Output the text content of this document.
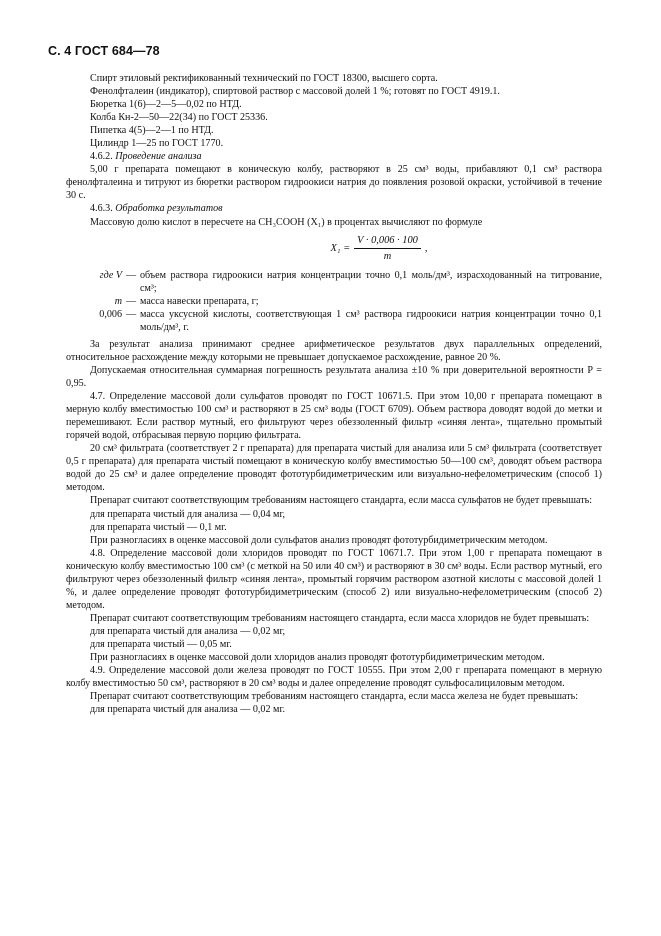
С. 4 ГОСТ 684—78

Спирт этиловый ректификованный технический по ГОСТ 18300, высшего сорта.

Фенолфталеин (индикатор), спиртовой раствор с массовой долей 1 %; готовят по ГОСТ 4919.1.

Бюретка 1(6)—2—5—0,02 по НТД.

Колба Кн-2—50—22(34) по ГОСТ 25336.

Пипетка 4(5)—2—1 по НТД.

Цилиндр 1—25 по ГОСТ 1770.

4.6.2. Проведение анализа

5,00 г препарата помещают в коническую колбу, растворяют в 25 см³ воды, прибавляют 0,1 см³ раствора фенолфталеина и титруют из бюретки раствором гидроокиси натрия до появления розовой окраски, устойчивой в течение 30 с.

4.6.3. Обработка результатов

Массовую долю кислот в пересчете на CH₃COOH (X₁) в процентах вычисляют по формуле

$X_1 = \frac{V \cdot 0,006 \cdot 100}{m}$ ,
где V — объем раствора гидроокиси натрия концентрации точно 0,1 моль/дм³, израсходованный на титрование, см³;
m — масса навески препарата, г;
0,006 — масса уксусной кислоты, соответствующая 1 см³ раствора гидроокиси натрия концентрации точно 0,1 моль/дм³, г.

За результат анализа принимают среднее арифметическое результатов двух параллельных определений, относительное расхождение между которыми не превышает допускаемое расхождение, равное 20 %.

Допускаемая относительная суммарная погрешность результата анализа ±10 % при доверительной вероятности P = 0,95.

4.7. Определение массовой доли сульфатов проводят по ГОСТ 10671.5. При этом 10,00 г препарата помещают в мерную колбу вместимостью 100 см³ и растворяют в 25 см³ воды (ГОСТ 6709). Объем раствора доводят водой до метки и перемешивают. Если раствор мутный, его фильтруют через обеззоленный фильтр «синяя лента», тщательно промытый горячей водой, отбрасывая первую порцию фильтрата.

20 см³ фильтрата (соответствует 2 г препарата) для препарата чистый для анализа или 5 см³ фильтрата (соответствует 0,5 г препарата) для препарата чистый помещают в коническую колбу вместимостью 50—100 см³, доводят объем раствора водой до 25 см³ и далее определение проводят фототурбидиметрическим или визуально-нефелометрическим (способ 1) методом.

Препарат считают соответствующим требованиям настоящего стандарта, если масса сульфатов не будет превышать:

для препарата чистый для анализа — 0,04 мг,

для препарата чистый — 0,1 мг.

При разногласиях в оценке массовой доли сульфатов анализ проводят фототурбидиметрическим методом.

4.8. Определение массовой доли хлоридов проводят по ГОСТ 10671.7. При этом 1,00 г препарата помещают в коническую колбу вместимостью 100 см³ (с меткой на 50 или 40 см³) и растворяют в 30 см³ воды. Если раствор мутный, его фильтруют через обеззоленный фильтр «синяя лента», промытый горячим раствором азотной кислоты с массовой долей 1 %, и далее определение проводят фототурбидиметрическим (способ 2) или визуально-нефелометрическим (способ 2) методом.

Препарат считают соответствующим требованиям настоящего стандарта, если масса хлоридов не будет превышать:

для препарата чистый для анализа — 0,02 мг,

для препарата чистый — 0,05 мг.

При разногласиях в оценке массовой доли хлоридов анализ проводят фототурбидиметрическим методом.

4.9. Определение массовой доли железа проводят по ГОСТ 10555. При этом 2,00 г препарата помещают в мерную колбу вместимостью 50 см³, растворяют в 20 см³ воды и далее определение проводят сульфосалициловым методом.

Препарат считают соответствующим требованиям настоящего стандарта, если масса железа не будет превышать:

для препарата чистый для анализа — 0,02 мг.
